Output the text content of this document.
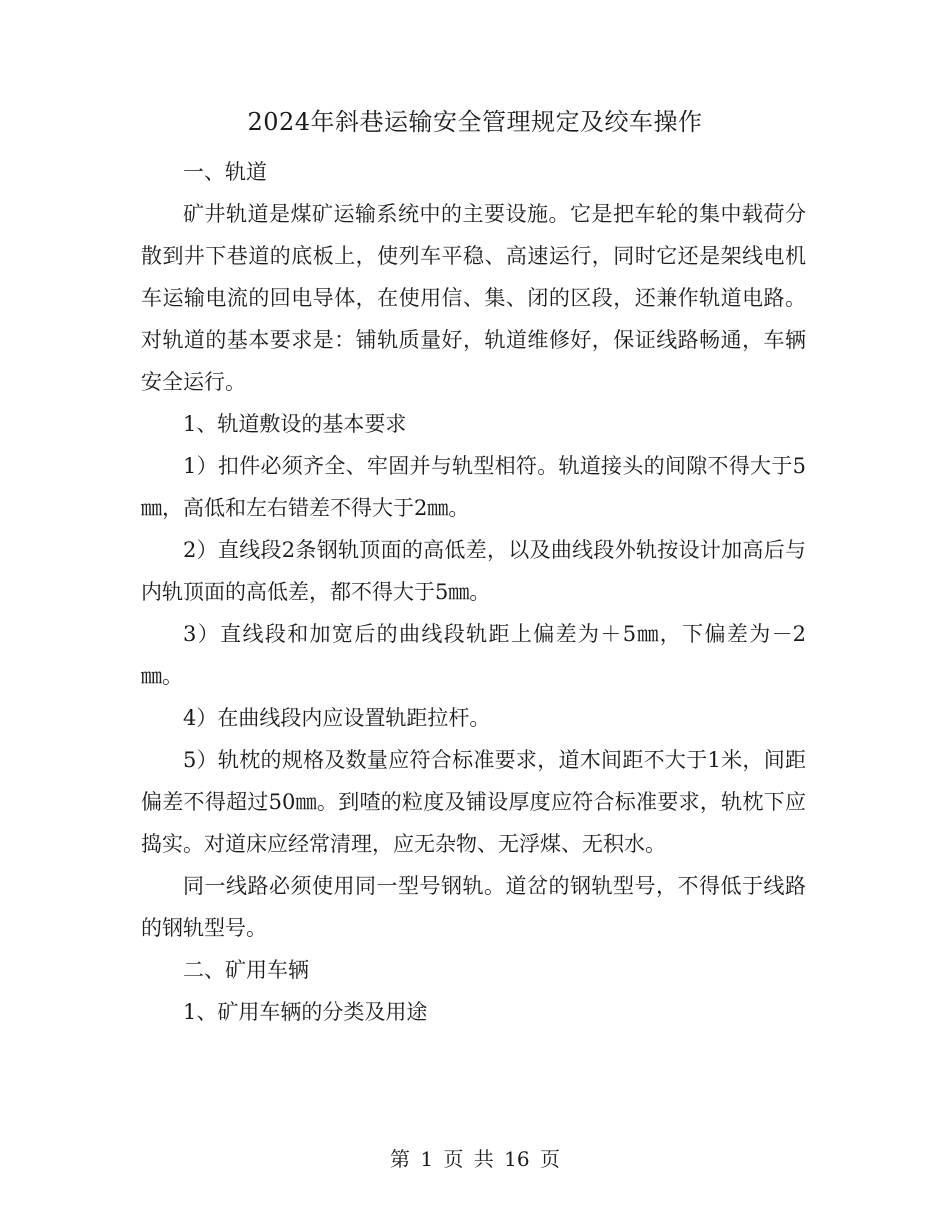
2024年斜巷运输安全管理规定及绞车操作

一、轨道

矿井轨道是煤矿运输系统中的主要设施。它是把车轮的集中载荷分散到井下巷道的底板上，使列车平稳、高速运行，同时它还是架线电机车运输电流的回电导体，在使用信、集、闭的区段，还兼作轨道电路。对轨道的基本要求是：铺轨质量好，轨道维修好，保证线路畅通，车辆安全运行。

1、轨道敷设的基本要求

1）扣件必须齐全、牢固并与轨型相符。轨道接头的间隙不得大于5㎜，高低和左右错差不得大于2㎜。

2）直线段2条钢轨顶面的高低差，以及曲线段外轨按设计加高后与内轨顶面的高低差，都不得大于5㎜。

3）直线段和加宽后的曲线段轨距上偏差为＋5㎜，下偏差为－2㎜。

4）在曲线段内应设置轨距拉杆。

5）轨枕的规格及数量应符合标准要求，道木间距不大于1米，间距偏差不得超过50㎜。到喳的粒度及铺设厚度应符合标准要求，轨枕下应捣实。对道床应经常清理，应无杂物、无浮煤、无积水。

同一线路必须使用同一型号钢轨。道岔的钢轨型号，不得低于线路的钢轨型号。

二、矿用车辆

1、矿用车辆的分类及用途

第 1 页 共 16 页
